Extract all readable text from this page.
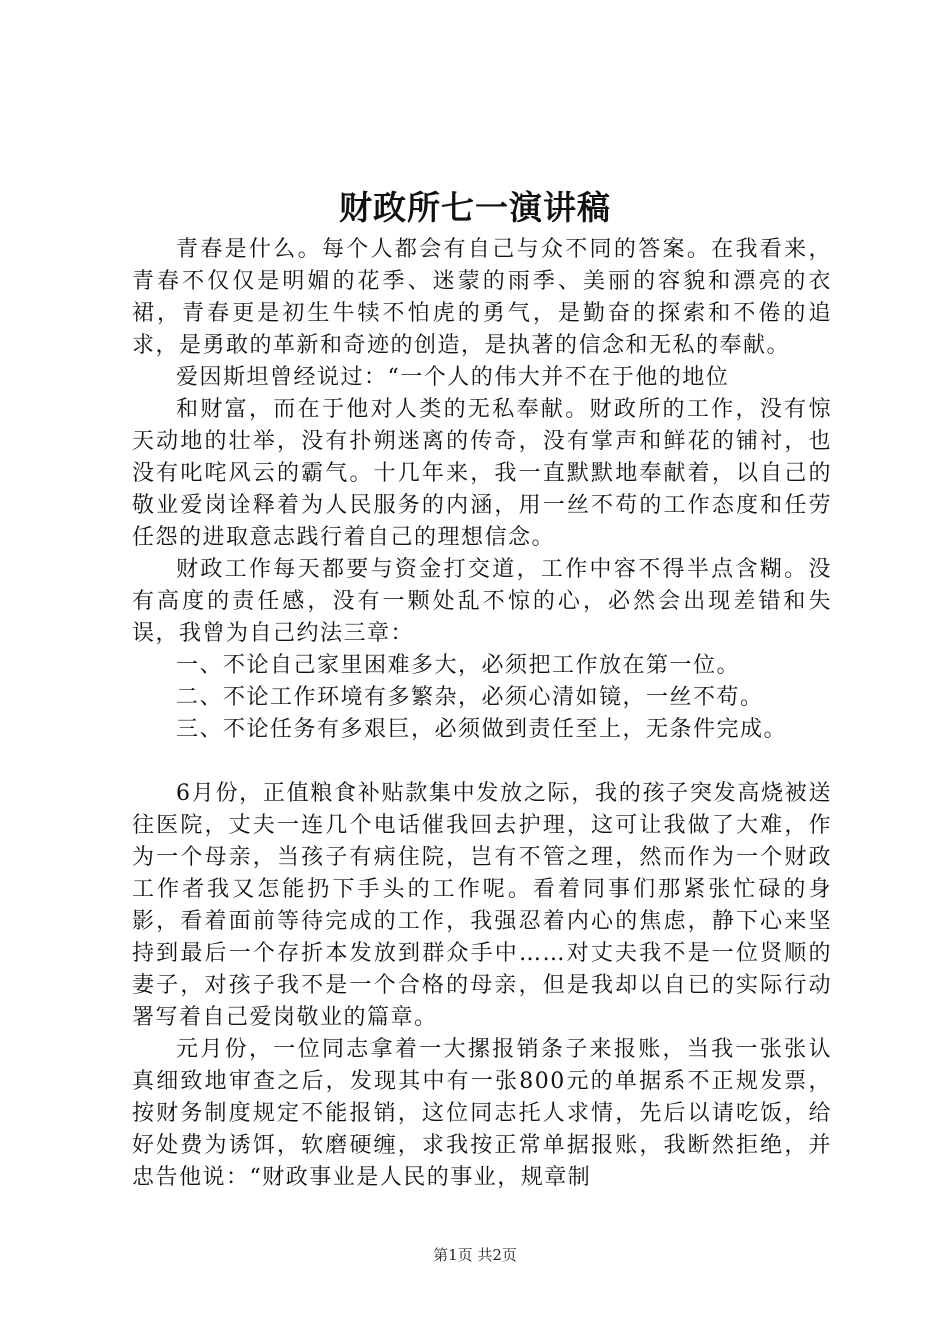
财政所七一演讲稿

青春是什么。每个人都会有自己与众不同的答案。在我看来，青春不仅仅是明媚的花季、迷蒙的雨季、美丽的容貌和漂亮的衣裙，青春更是初生牛犊不怕虎的勇气，是勤奋的探索和不倦的追求，是勇敢的革新和奇迹的创造，是执著的信念和无私的奉献。

爱因斯坦曾经说过：“一个人的伟大并不在于他的地位

和财富，而在于他对人类的无私奉献。财政所的工作，没有惊天动地的壮举，没有扑朔迷离的传奇，没有掌声和鲜花的铺衬，也没有叱咤风云的霸气。十几年来，我一直默默地奉献着，以自己的敬业爱岗诠释着为人民服务的内涵，用一丝不苟的工作态度和任劳任怨的进取意志践行着自己的理想信念。

财政工作每天都要与资金打交道，工作中容不得半点含糊。没有高度的责任感，没有一颗处乱不惊的心，必然会出现差错和失误，我曾为自己约法三章：

一、不论自己家里困难多大，必须把工作放在第一位。

二、不论工作环境有多繁杂，必须心清如镜，一丝不苟。

三、不论任务有多艰巨，必须做到责任至上，无条件完成。

6月份，正值粮食补贴款集中发放之际，我的孩子突发高烧被送往医院，丈夫一连几个电话催我回去护理，这可让我做了大难，作为一个母亲，当孩子有病住院，岂有不管之理，然而作为一个财政工作者我又怎能扔下手头的工作呢。看着同事们那紧张忙碌的身影，看着面前等待完成的工作，我强忍着内心的焦虑，静下心来坚持到最后一个存折本发放到群众手中……对丈夫我不是一位贤顺的妻子，对孩子我不是一个合格的母亲，但是我却以自已的实际行动署写着自己爱岗敬业的篇章。

元月份，一位同志拿着一大摞报销条子来报账，当我一张张认真细致地审查之后，发现其中有一张800元的单据系不正规发票，按财务制度规定不能报销，这位同志托人求情，先后以请吃饭，给好处费为诱饵，软磨硬缠，求我按正常单据报账，我断然拒绝，并忠告他说：“财政事业是人民的事业，规章制

第1页 共2页
